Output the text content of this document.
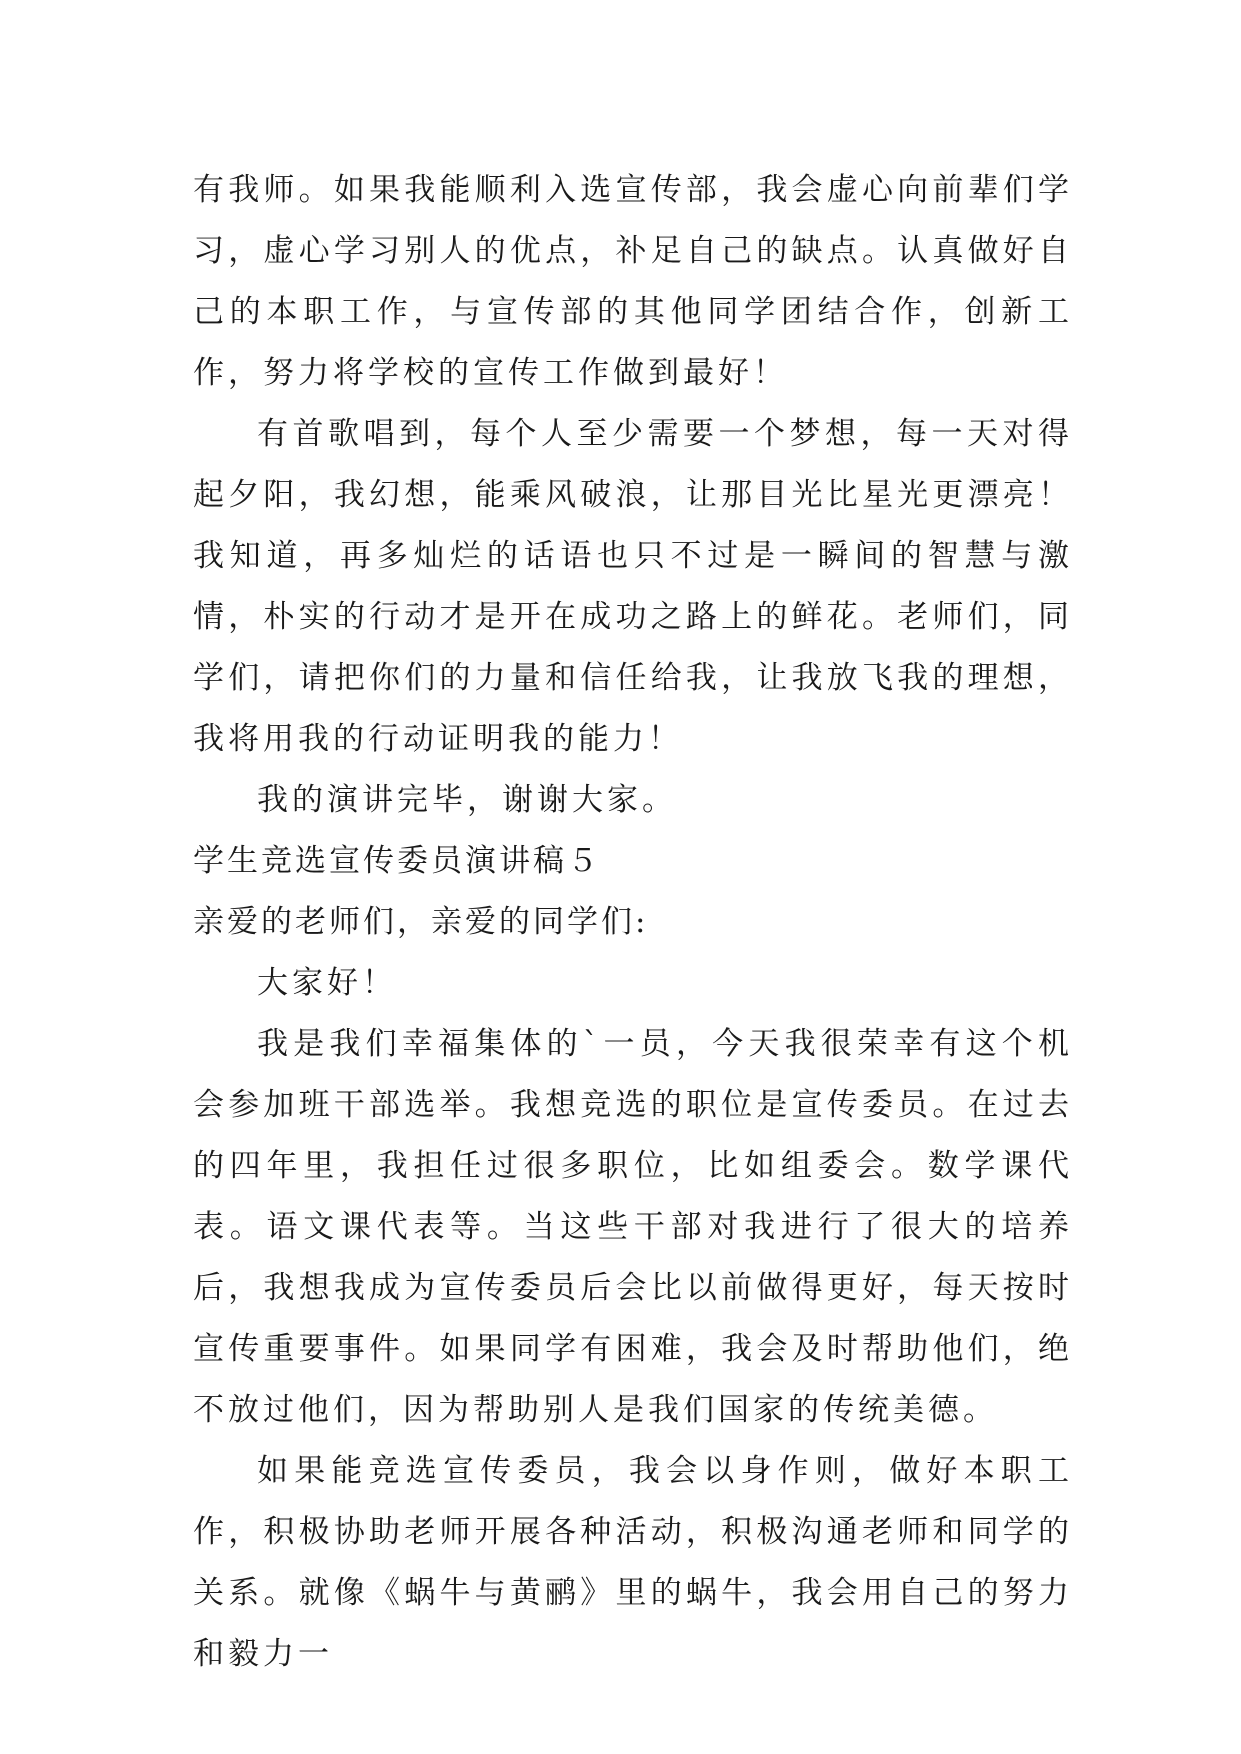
有我师。如果我能顺利入选宣传部，我会虚心向前辈们学习，虚心学习别人的优点，补足自己的缺点。认真做好自己的本职工作，与宣传部的其他同学团结合作，创新工作，努力将学校的宣传工作做到最好！

有首歌唱到，每个人至少需要一个梦想，每一天对得起夕阳，我幻想，能乘风破浪，让那目光比星光更漂亮！我知道，再多灿烂的话语也只不过是一瞬间的智慧与激情，朴实的行动才是开在成功之路上的鲜花。老师们，同学们，请把你们的力量和信任给我，让我放飞我的理想，我将用我的行动证明我的能力！

我的演讲完毕，谢谢大家。

学生竞选宣传委员演讲稿５

亲爱的老师们，亲爱的同学们:

大家好！

我是我们幸福集体的`一员，今天我很荣幸有这个机会参加班干部选举。我想竞选的职位是宣传委员。在过去的四年里，我担任过很多职位，比如组委会。数学课代表。语文课代表等。当这些干部对我进行了很大的培养后，我想我成为宣传委员后会比以前做得更好，每天按时宣传重要事件。如果同学有困难，我会及时帮助他们，绝不放过他们，因为帮助别人是我们国家的传统美德。

如果能竞选宣传委员，我会以身作则，做好本职工作，积极协助老师开展各种活动，积极沟通老师和同学的关系。就像《蜗牛与黄鹂》里的蜗牛，我会用自己的努力和毅力一
